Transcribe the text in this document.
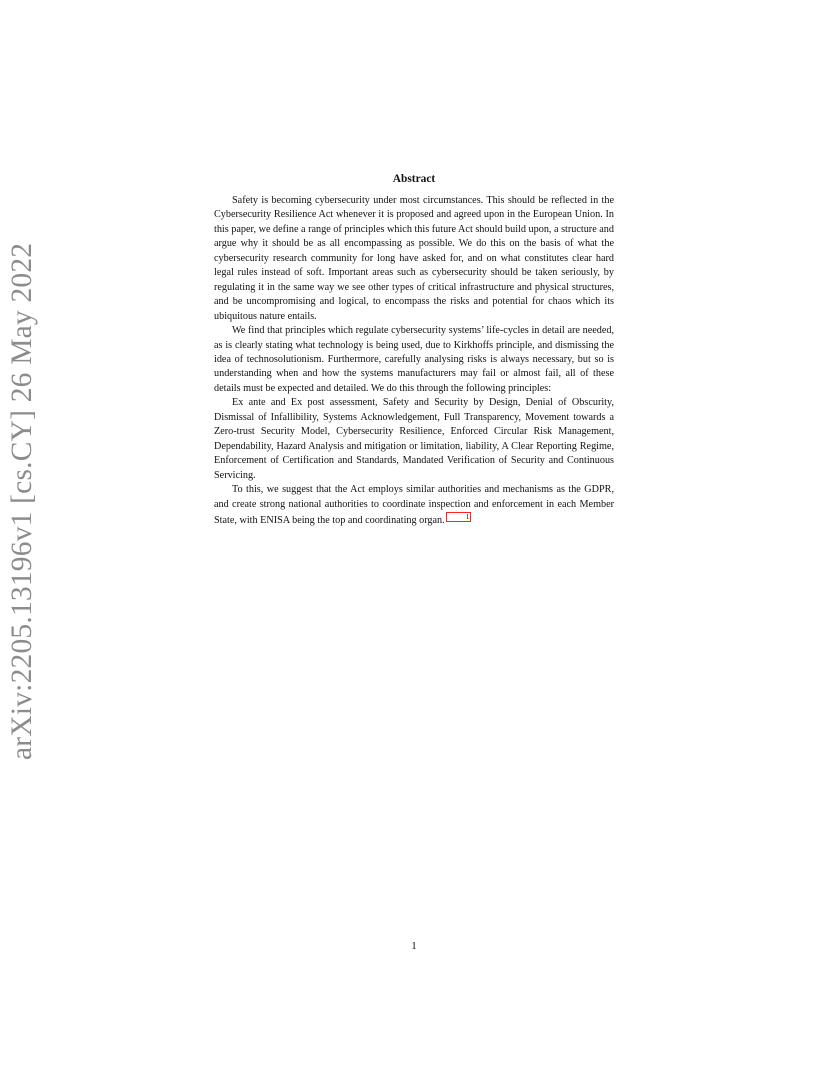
arXiv:2205.13196v1 [cs.CY] 26 May 2022
Abstract

Safety is becoming cybersecurity under most circumstances. This should be reflected in the Cybersecurity Resilience Act whenever it is proposed and agreed upon in the European Union. In this paper, we define a range of principles which this future Act should build upon, a structure and argue why it should be as all encompassing as possible. We do this on the basis of what the cybersecurity research community for long have asked for, and on what constitutes clear hard legal rules instead of soft. Important areas such as cybersecurity should be taken seriously, by regulating it in the same way we see other types of critical infrastructure and physical structures, and be uncompromising and logical, to encompass the risks and potential for chaos which its ubiquitous nature entails.

We find that principles which regulate cybersecurity systems’ life-cycles in detail are needed, as is clearly stating what technology is being used, due to Kirkhoffs principle, and dismissing the idea of technosolutionism. Furthermore, carefully analysing risks is always necessary, but so is understanding when and how the systems manufacturers may fail or almost fail, all of these details must be expected and detailed. We do this through the following principles:

Ex ante and Ex post assessment, Safety and Security by Design, Denial of Obscurity, Dismissal of Infallibility, Systems Acknowledgement, Full Transparency, Movement towards a Zero-trust Security Model, Cybersecurity Resilience, Enforced Circular Risk Management, Dependability, Hazard Analysis and mitigation or limitation, liability, A Clear Reporting Regime, Enforcement of Certification and Standards, Mandated Verification of Security and Continuous Servicing.

To this, we suggest that the Act employs similar authorities and mechanisms as the GDPR, and create strong national authorities to coordinate inspection and enforcement in each Member State, with ENISA being the top and coordinating organ.	1

1
